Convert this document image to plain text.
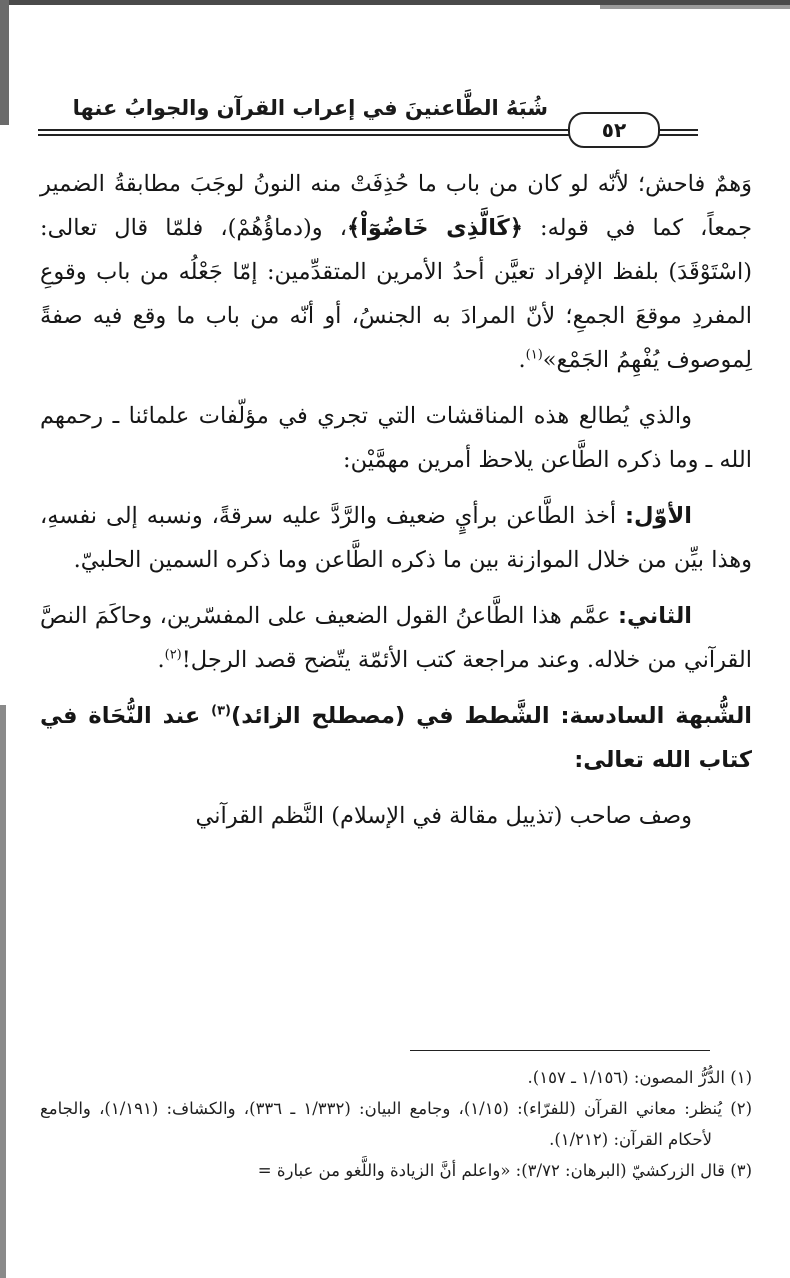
شُبَهُ الطَّاعنينَ في إعراب القرآن والجوابُ عنها
٥٢

وَهمٌ فاحش؛ لأنّه لو كان من باب ما حُذِفَتْ منه النونُ لوجَبَ مطابقةُ الضمير جمعاً، كما في قوله: ﴿كَالَّذِى خَاضُوٓاْ﴾، و(دماؤُهُمْ)، فلمّا قال تعالى: (اسْتَوْقَدَ) بلفظ الإفراد تعيَّن أحدُ الأمرين المتقدِّمين: إمّا جَعْلُه من باب وقوعِ المفردِ موقعَ الجمعِ؛ لأنّ المرادَ به الجنسُ، أو أنّه من باب ما وقع فيه صفةً لِموصوف يُفْهِمُ الجَمْع»$^{(١)}$.

والذي يُطالع هذه المناقشات التي تجري في مؤلّفات علمائنا ـ رحمهم الله ـ وما ذكره الطَّاعن يلاحظ أمرين مهمَّيْن:

الأوّل: أخذ الطَّاعن برأيٍ ضعيف والرَّدَّ عليه سرقةً، ونسبه إلى نفسهِ، وهذا بيِّن من خلال الموازنة بين ما ذكره الطَّاعن وما ذكره السمين الحلبيّ.

الثاني: عمَّم هذا الطَّاعنُ القول الضعيف على المفسّرين، وحاكَمَ النصَّ القرآني من خلاله. وعند مراجعة كتب الأئمّة يتّضح قصد الرجل!$^{(٢)}$.

الشُّبهة السادسة: الشَّطط في (مصطلح الزائد)$^{(٣)}$ عند النُّحَاة في كتاب الله تعالى:

وصف صاحب (تذييل مقالة في الإسلام) النَّظم القرآني

(١) الدُّرُّ المصون: (١/١٥٦ ـ ١٥٧).

(٢) يُنظر: معاني القرآن (للفرّاء): (١/١٥)، وجامع البيان: (١/٣٣٢ ـ ٣٣٦)، والكشاف: (١/١٩١)، والجامع لأحكام القرآن: (١/٢١٢).

(٣) قال الزركشيّ (البرهان: ٣/٧٢): «واعلم أنَّ الزيادة واللَّغو من عبارة =
